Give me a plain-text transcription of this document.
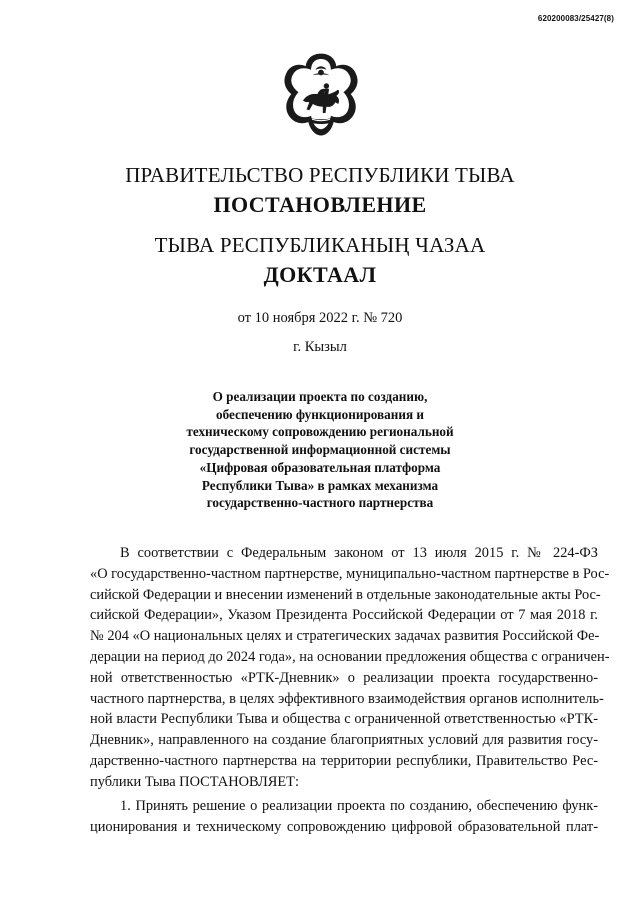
620200083/25427(8)
ПРАВИТЕЛЬСТВО РЕСПУБЛИКИ ТЫВА
ПОСТАНОВЛЕНИЕ
ТЫВА РЕСПУБЛИКАНЫҢ ЧАЗАА
ДОКТААЛ
от 10 ноября 2022 г. № 720
г. Кызыл
О реализации проекта по созданию,
обеспечению функционирования и
техническому сопровождению региональной
государственной информационной системы
«Цифровая образовательная платформа
Республики Тыва» в рамках механизма
государственно-частного партнерства
В соответствии с Федеральным законом от 13 июля 2015 г. № 224-ФЗ
«О государственно-частном партнерстве, муниципально-частном партнерстве в Рос-
сийской Федерации и внесении изменений в отдельные законодательные акты Рос-
сийской Федерации», Указом Президента Российской Федерации от 7 мая 2018 г.
№ 204 «О национальных целях и стратегических задачах развития Российской Фе-
дерации на период до 2024 года», на основании предложения общества с ограничен-
ной ответственностью «РТК-Дневник» о реализации проекта государственно-
частного партнерства, в целях эффективного взаимодействия органов исполнитель-
ной власти Республики Тыва и общества с ограниченной ответственностью «РТК-
Дневник», направленного на создание благоприятных условий для развития госу-
дарственно-частного партнерства на территории республики, Правительство Рес-
публики Тыва ПОСТАНОВЛЯЕТ:
1. Принять решение о реализации проекта по созданию, обеспечению функ-
ционирования и техническому сопровождению цифровой образовательной плат-
